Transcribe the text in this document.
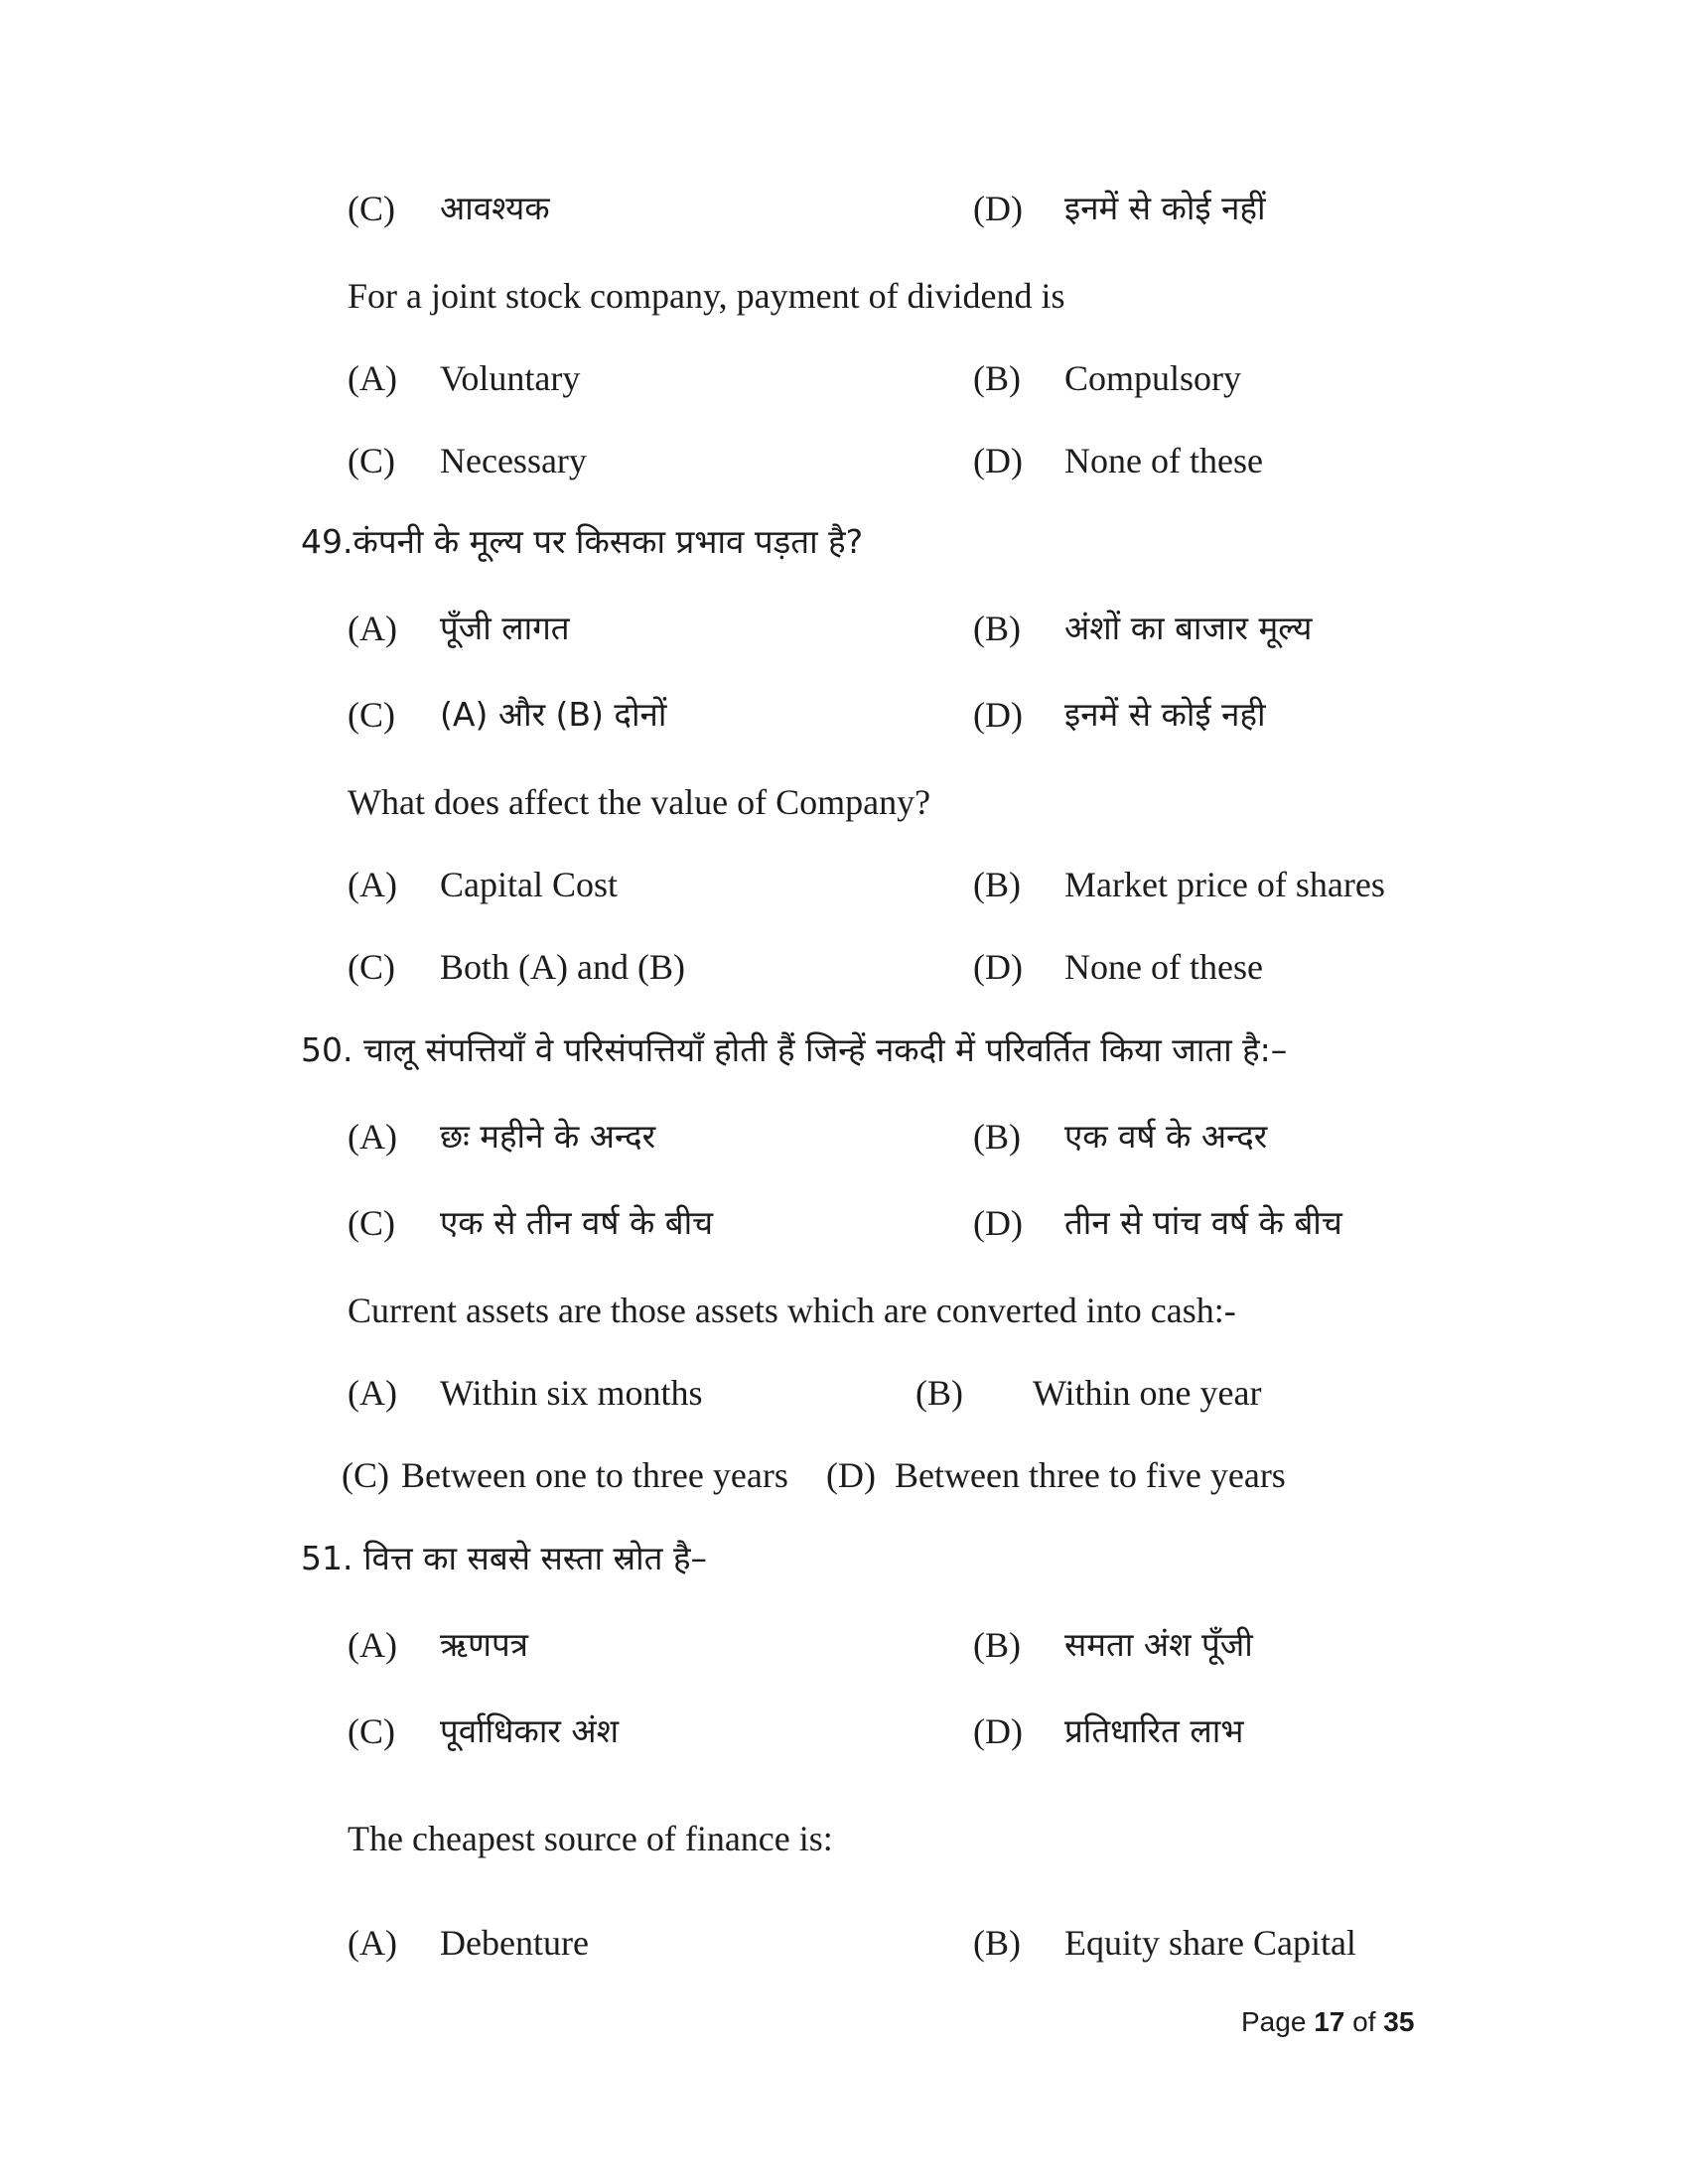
(C) आवश्यक	(D) इनमें से कोई नहीं
For a joint stock company, payment of dividend is
(A) Voluntary	(B) Compulsory
(C) Necessary	(D) None of these
49.कंपनी के मूल्य पर किसका प्रभाव पड़ता है?
(A) पूँजी लागत	(B) अंशों का बाजार मूल्य
(C) (A) और (B) दोनों	(D) इनमें से कोई नही
What does affect the value of Company?
(A) Capital Cost	(B) Market price of shares
(C) Both (A) and (B)	(D) None of these
50. चालू संपत्तियाँ वे परिसंपत्तियाँ होती हैं जिन्हें नकदी में परिवर्तित किया जाता है:–
(A) छः महीने के अन्दर	(B) एक वर्ष के अन्दर
(C) एक से तीन वर्ष के बीच	(D) तीन से पांच वर्ष के बीच
Current assets are those assets which are converted into cash:-
(A) Within six months	(B) Within one year
(C) Between one to three years (D) Between three to five years
51. वित्त का सबसे सस्ता स्रोत है–
(A) ऋणपत्र	(B) समता अंश पूँजी
(C) पूर्वाधिकार अंश	(D) प्रतिधारित लाभ
The cheapest source of finance is:
(A) Debenture	(B) Equity share Capital
Page 17 of 35
